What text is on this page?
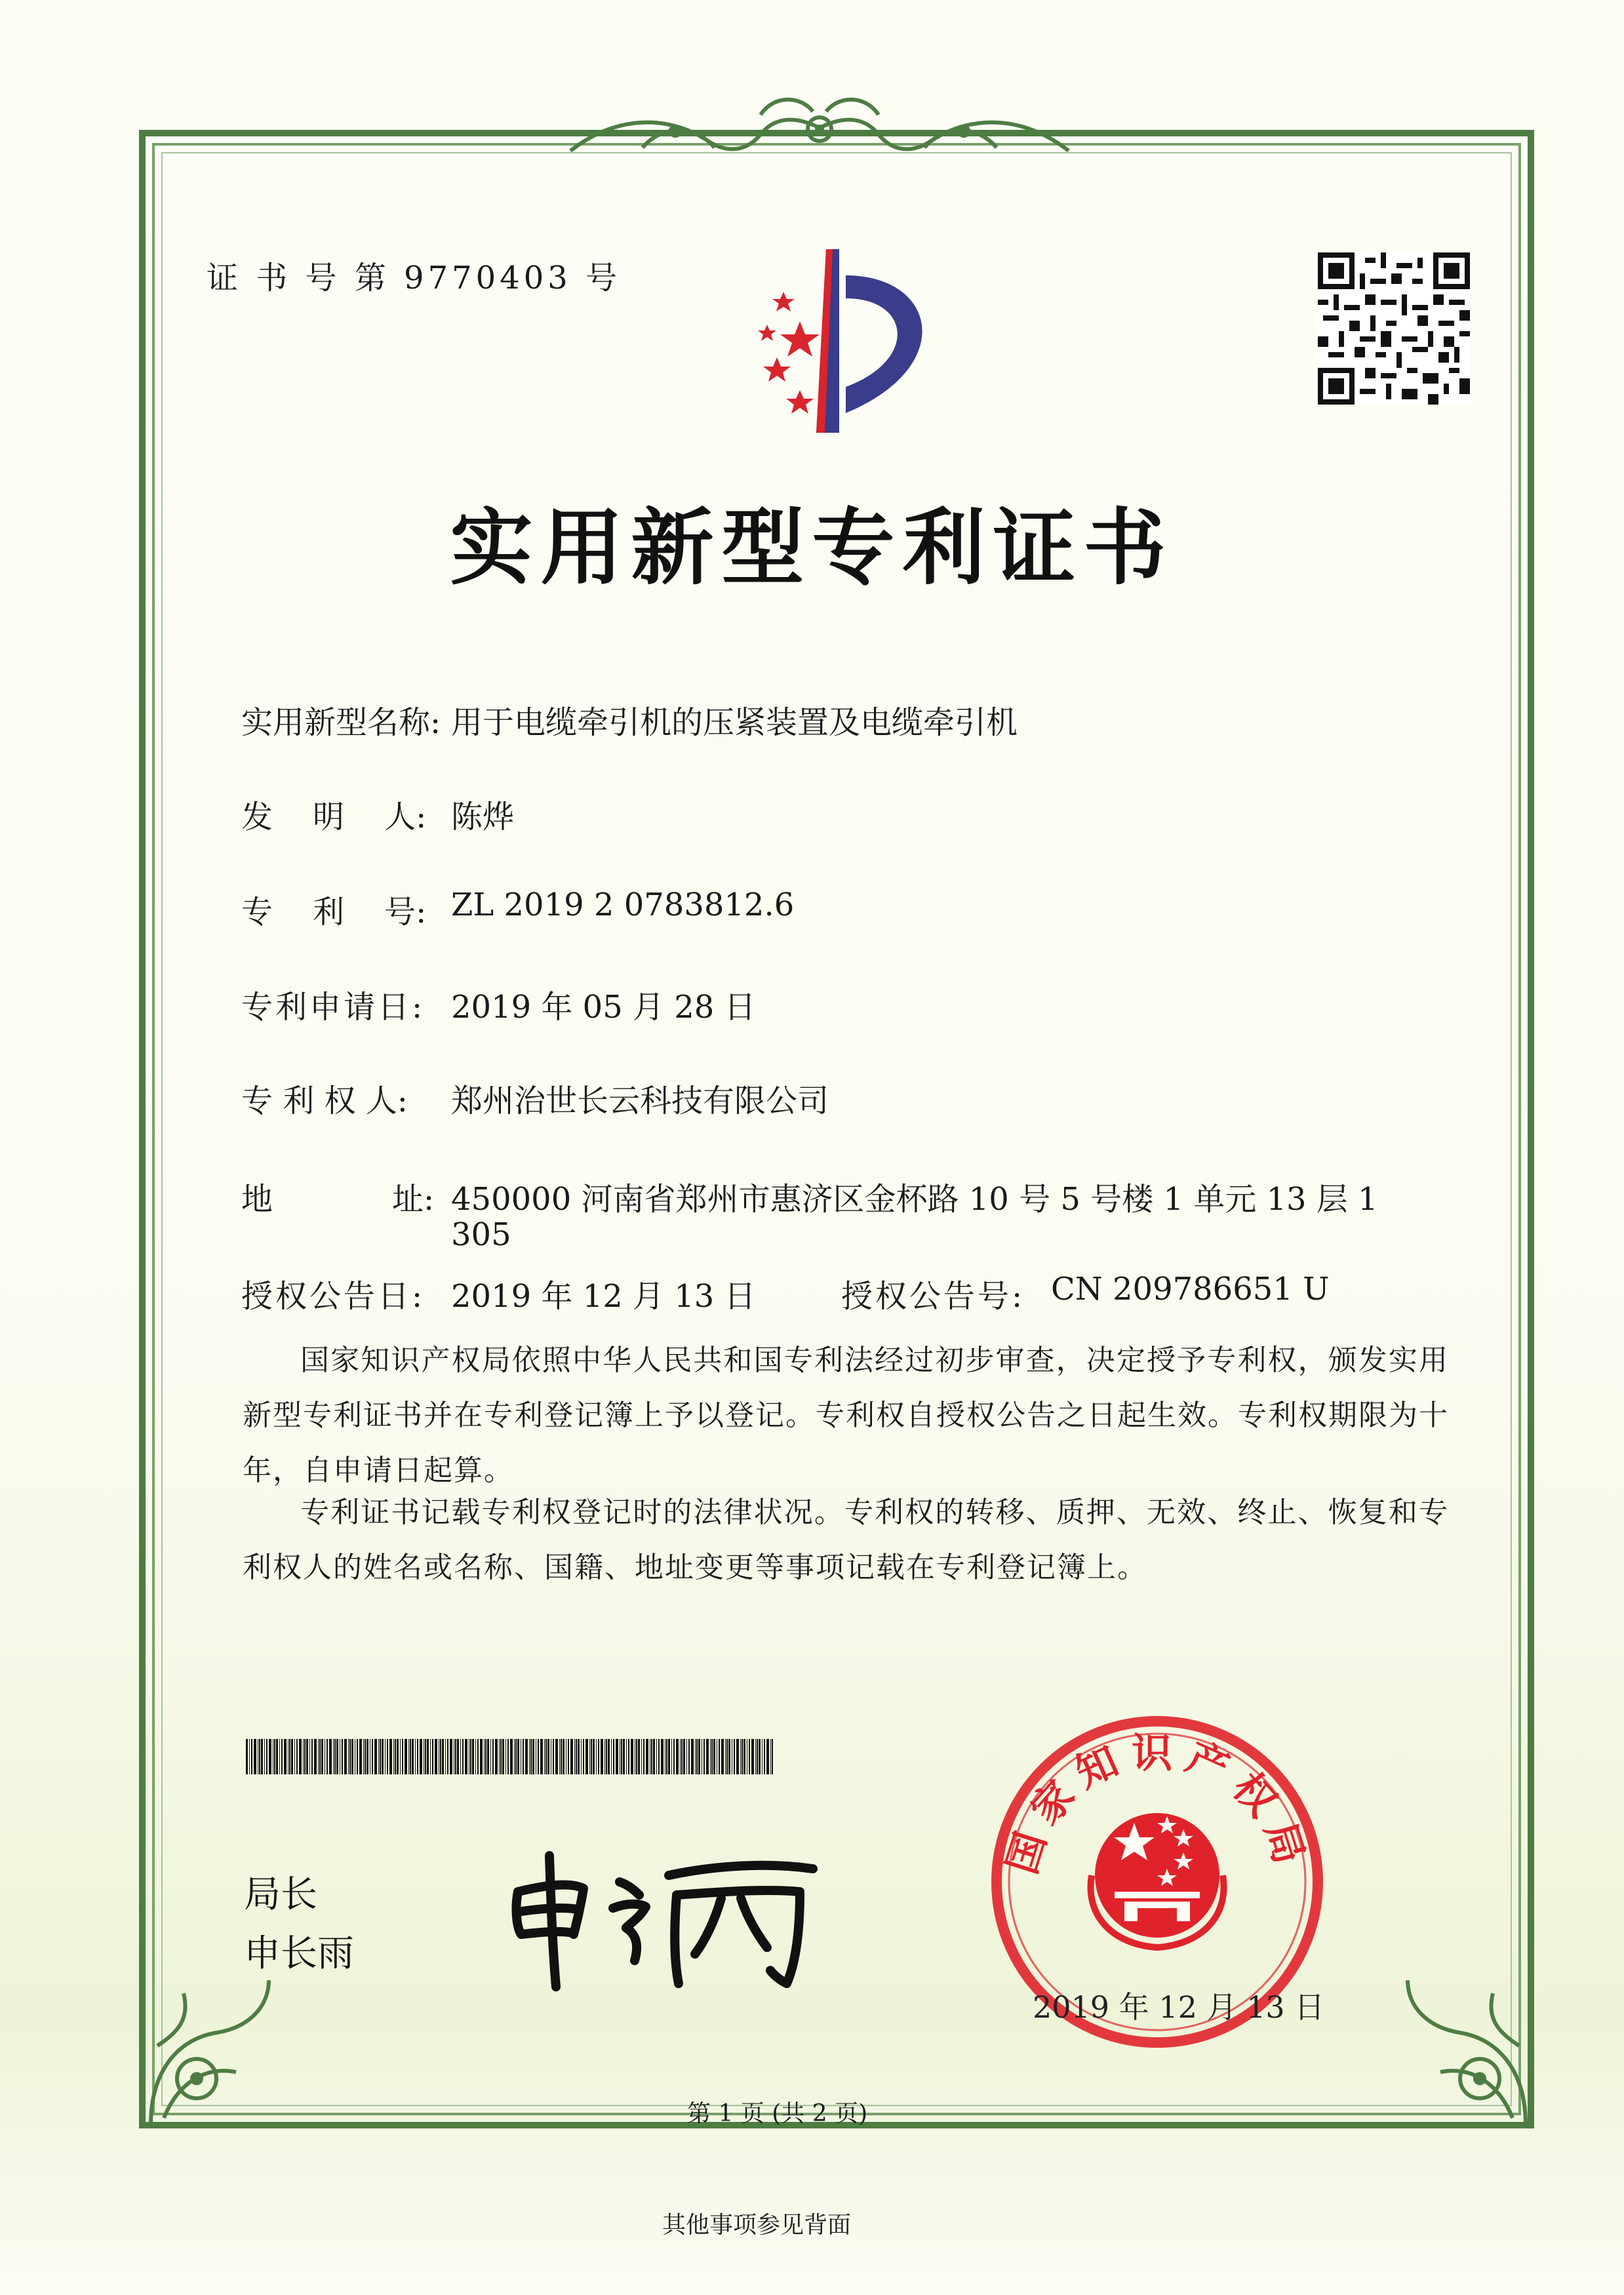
证 书 号 第 9770403 号
实用新型专利证书
实用新型名称: 用于电缆牵引机的压紧装置及电缆牵引机
发    明    人: 陈烨
专    利    号: ZL 2019 2 0783812.6
专利申请日: 2019 年 05 月 28 日
专 利 权 人: 郑州治世长云科技有限公司
地	址: 450000 河南省郑州市惠济区金杯路 10 号 5 号楼 1 单元 13 层 1
305
授权公告日: 2019 年 12 月 13 日	授权公告号: CN 209786651 U
国家知识产权局依照中华人民共和国专利法经过初步审查，决定授予专利权，颁发实用新型专利证书并在专利登记簿上予以登记。专利权自授权公告之日起生效。专利权期限为十年，自申请日起算。
专利证书记载专利权登记时的法律状况。专利权的转移、质押、无效、终止、恢复和专利权人的姓名或名称、国籍、地址变更等事项记载在专利登记簿上。
局长
申长雨
国家知识产权局
2019 年 12 月 13 日
第 1 页 (共 2 页)
其他事项参见背面
